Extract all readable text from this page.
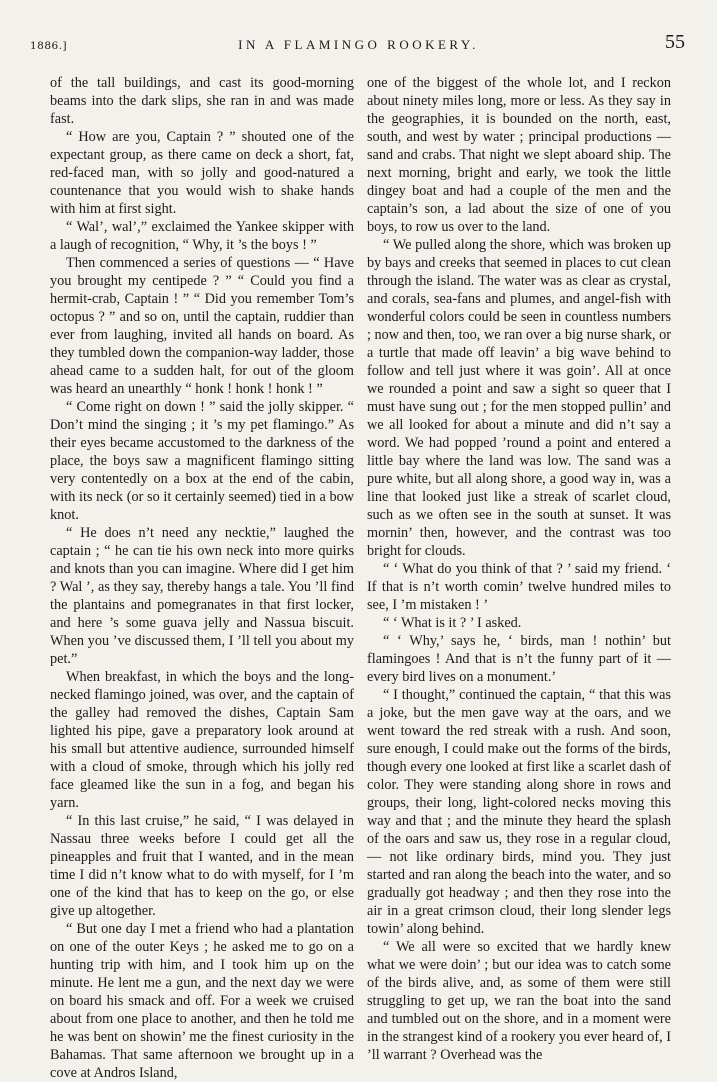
1886.]	IN A FLAMINGO ROOKERY.	55

of the tall buildings, and cast its good-morning beams into the dark slips, she ran in and was made fast.

“ How are you, Captain ? ” shouted one of the expectant group, as there came on deck a short, fat, red-faced man, with so jolly and good-natured a countenance that you would wish to shake hands with him at first sight.

“ Wal’, wal’,” exclaimed the Yankee skipper with a laugh of recognition, “ Why, it ’s the boys ! ”

Then commenced a series of questions — “ Have you brought my centipede ? ” “ Could you find a hermit-crab, Captain ! ” “ Did you remember Tom’s octopus ? ” and so on, until the captain, ruddier than ever from laughing, invited all hands on board. As they tumbled down the companion-way ladder, those ahead came to a sudden halt, for out of the gloom was heard an unearthly “ honk ! honk ! honk ! ”

“ Come right on down ! ” said the jolly skipper. “ Don’t mind the singing ; it ’s my pet flamingo.” As their eyes became accustomed to the darkness of the place, the boys saw a magnificent flamingo sitting very contentedly on a box at the end of the cabin, with its neck (or so it certainly seemed) tied in a bow knot.

“ He does n’t need any necktie,” laughed the captain ; “ he can tie his own neck into more quirks and knots than you can imagine. Where did I get him ? Wal ’, as they say, thereby hangs a tale. You ’ll find the plantains and pomegranates in that first locker, and here ’s some guava jelly and Nassua biscuit. When you ’ve discussed them, I ’ll tell you about my pet.”

When breakfast, in which the boys and the long-necked flamingo joined, was over, and the captain of the galley had removed the dishes, Captain Sam lighted his pipe, gave a preparatory look around at his small but attentive audience, surrounded himself with a cloud of smoke, through which his jolly red face gleamed like the sun in a fog, and began his yarn.

“ In this last cruise,” he said, “ I was delayed in Nassau three weeks before I could get all the pineapples and fruit that I wanted, and in the mean time I did n’t know what to do with myself, for I ’m one of the kind that has to keep on the go, or else give up altogether.

“ But one day I met a friend who had a plantation on one of the outer Keys ; he asked me to go on a hunting trip with him, and I took him up on the minute. He lent me a gun, and the next day we were on board his smack and off. For a week we cruised about from one place to another, and then he told me he was bent on showin’ me the finest curiosity in the Bahamas. That same afternoon we brought up in a cove at Andros Island,

one of the biggest of the whole lot, and I reckon about ninety miles long, more or less. As they say in the geographies, it is bounded on the north, east, south, and west by water ; principal productions — sand and crabs. That night we slept aboard ship. The next morning, bright and early, we took the little dingey boat and had a couple of the men and the captain’s son, a lad about the size of one of you boys, to row us over to the land.

“ We pulled along the shore, which was broken up by bays and creeks that seemed in places to cut clean through the island. The water was as clear as crystal, and corals, sea-fans and plumes, and angel-fish with wonderful colors could be seen in countless numbers ; now and then, too, we ran over a big nurse shark, or a turtle that made off leavin’ a big wave behind to follow and tell just where it was goin’. All at once we rounded a point and saw a sight so queer that I must have sung out ; for the men stopped pullin’ and we all looked for about a minute and did n’t say a word. We had popped ’round a point and entered a little bay where the land was low. The sand was a pure white, but all along shore, a good way in, was a line that looked just like a streak of scarlet cloud, such as we often see in the south at sunset. It was mornin’ then, however, and the contrast was too bright for clouds.

“ ‘ What do you think of that ? ’ said my friend. ‘ If that is n’t worth comin’ twelve hundred miles to see, I ’m mistaken ! ’

“ ‘ What is it ? ’ I asked.

“ ‘ Why,’ says he, ‘ birds, man ! nothin’ but flamingoes ! And that is n’t the funny part of it — every bird lives on a monument.’

“ I thought,” continued the captain, “ that this was a joke, but the men gave way at the oars, and we went toward the red streak with a rush. And soon, sure enough, I could make out the forms of the birds, though every one looked at first like a scarlet dash of color. They were standing along shore in rows and groups, their long, light-colored necks moving this way and that ; and the minute they heard the splash of the oars and saw us, they rose in a regular cloud, — not like ordinary birds, mind you. They just started and ran along the beach into the water, and so gradually got headway ; and then they rose into the air in a great crimson cloud, their long slender legs towin’ along behind.

“ We all were so excited that we hardly knew what we were doin’ ; but our idea was to catch some of the birds alive, and, as some of them were still struggling to get up, we ran the boat into the sand and tumbled out on the shore, and in a moment were in the strangest kind of a rookery you ever heard of, I ’ll warrant ? Overhead was the
